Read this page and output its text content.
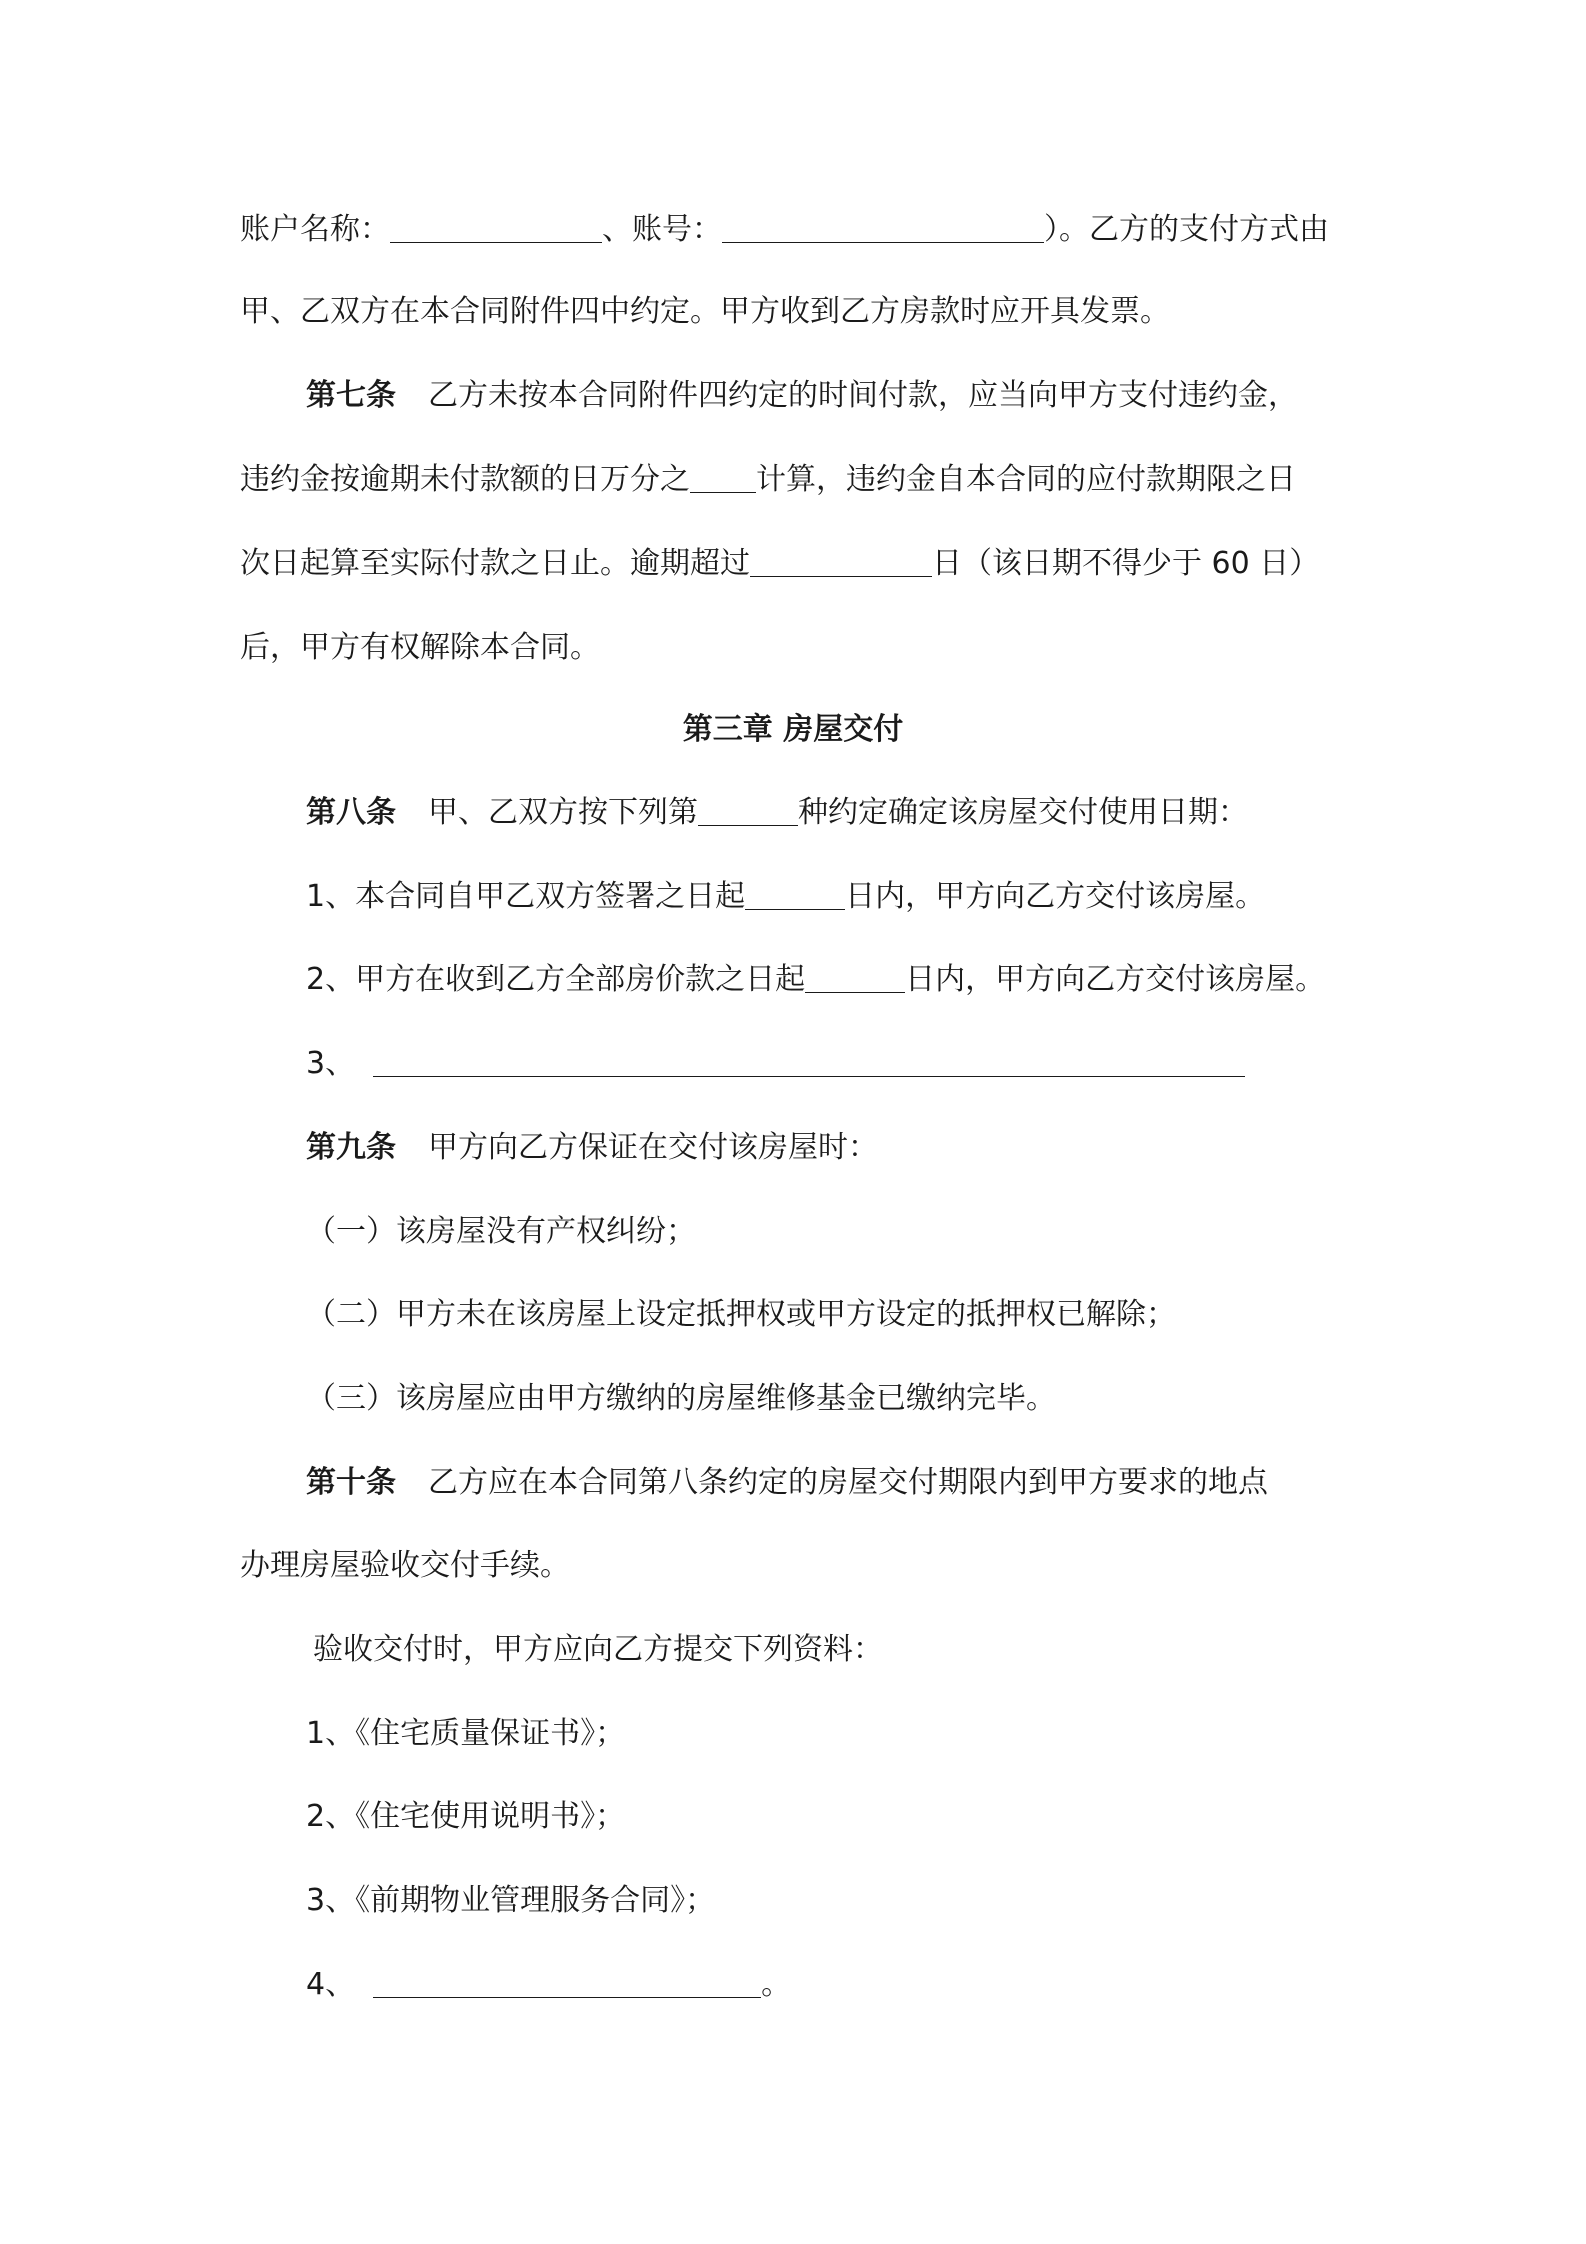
账户名称：	、账号：	）。乙方的支付方式由
甲、乙双方在本合同附件四中约定。甲方收到乙方房款时应开具发票。
第七条 乙方未按本合同附件四约定的时间付款，应当向甲方支付违约金，
违约金按逾期未付款额的日万分之 计算，违约金自本合同的应付款期限之日
次日起算至实际付款之日止。逾期超过	日（该日期不得少于 60 日）
后，甲方有权解除本合同。
第三章 房屋交付
第八条 甲、乙双方按下列第	种约定确定该房屋交付使用日期：
1、本合同自甲乙双方签署之日起	日内，甲方向乙方交付该房屋。
2、甲方在收到乙方全部房价款之日起	日内，甲方向乙方交付该房屋。
3、
第九条 甲方向乙方保证在交付该房屋时：
（一）该房屋没有产权纠纷；
（二）甲方未在该房屋上设定抵押权或甲方设定的抵押权已解除；
（三）该房屋应由甲方缴纳的房屋维修基金已缴纳完毕。
第十条 乙方应在本合同第八条约定的房屋交付期限内到甲方要求的地点
办理房屋验收交付手续。
验收交付时，甲方应向乙方提交下列资料：
1、《住宅质量保证书》；
2、《住宅使用说明书》；
3、《前期物业管理服务合同》；
4、	。
